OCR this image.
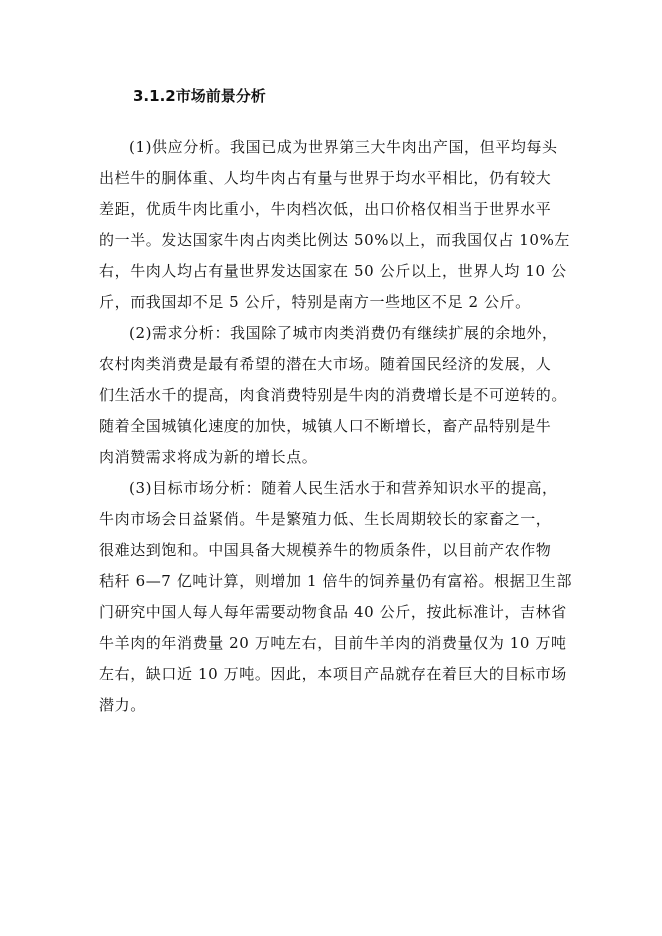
3.1.2市场前景分析
(1)供应分析。我国已成为世界第三大牛肉出产国，但平均每头
出栏牛的胴体重、人均牛肉占有量与世界于均水平相比，仍有较大
差距，优质牛肉比重小，牛肉档次低，出口价格仅相当于世界水平
的一半。发达国家牛肉占肉类比例达 50%以上，而我国仅占 10%左
右，牛肉人均占有量世界发达国家在 50 公斤以上，世界人均 10 公
斤，而我国却不足 5 公斤，特别是南方一些地区不足 2 公斤。
(2)需求分析：我国除了城市肉类消费仍有继续扩展的余地外，
农村肉类消费是最有希望的潜在大市场。随着国民经济的发展，人
们生活水千的提高，肉食消费特别是牛肉的消费增长是不可逆转的。
随着全国城镇化速度的加快，城镇人口不断增长，畜产品特别是牛
肉消赞需求将成为新的增长点。
(3)目标市场分析：随着人民生活水于和营养知识水平的提高，
牛肉市场会日益紧俏。牛是繁殖力低、生长周期较长的家畜之一，
很难达到饱和。中国具备大规模养牛的物质条件，以目前产农作物
秸秆 6—7 亿吨计算，则增加 1 倍牛的饲养量仍有富裕。根据卫生部
门研究中国人每人每年需要动物食品 40 公斤，按此标准计，吉林省
牛羊肉的年消费量 20 万吨左右，目前牛羊肉的消费量仅为 10 万吨
左右，缺口近 10 万吨。因此，本项目产品就存在着巨大的目标市场
潜力。
